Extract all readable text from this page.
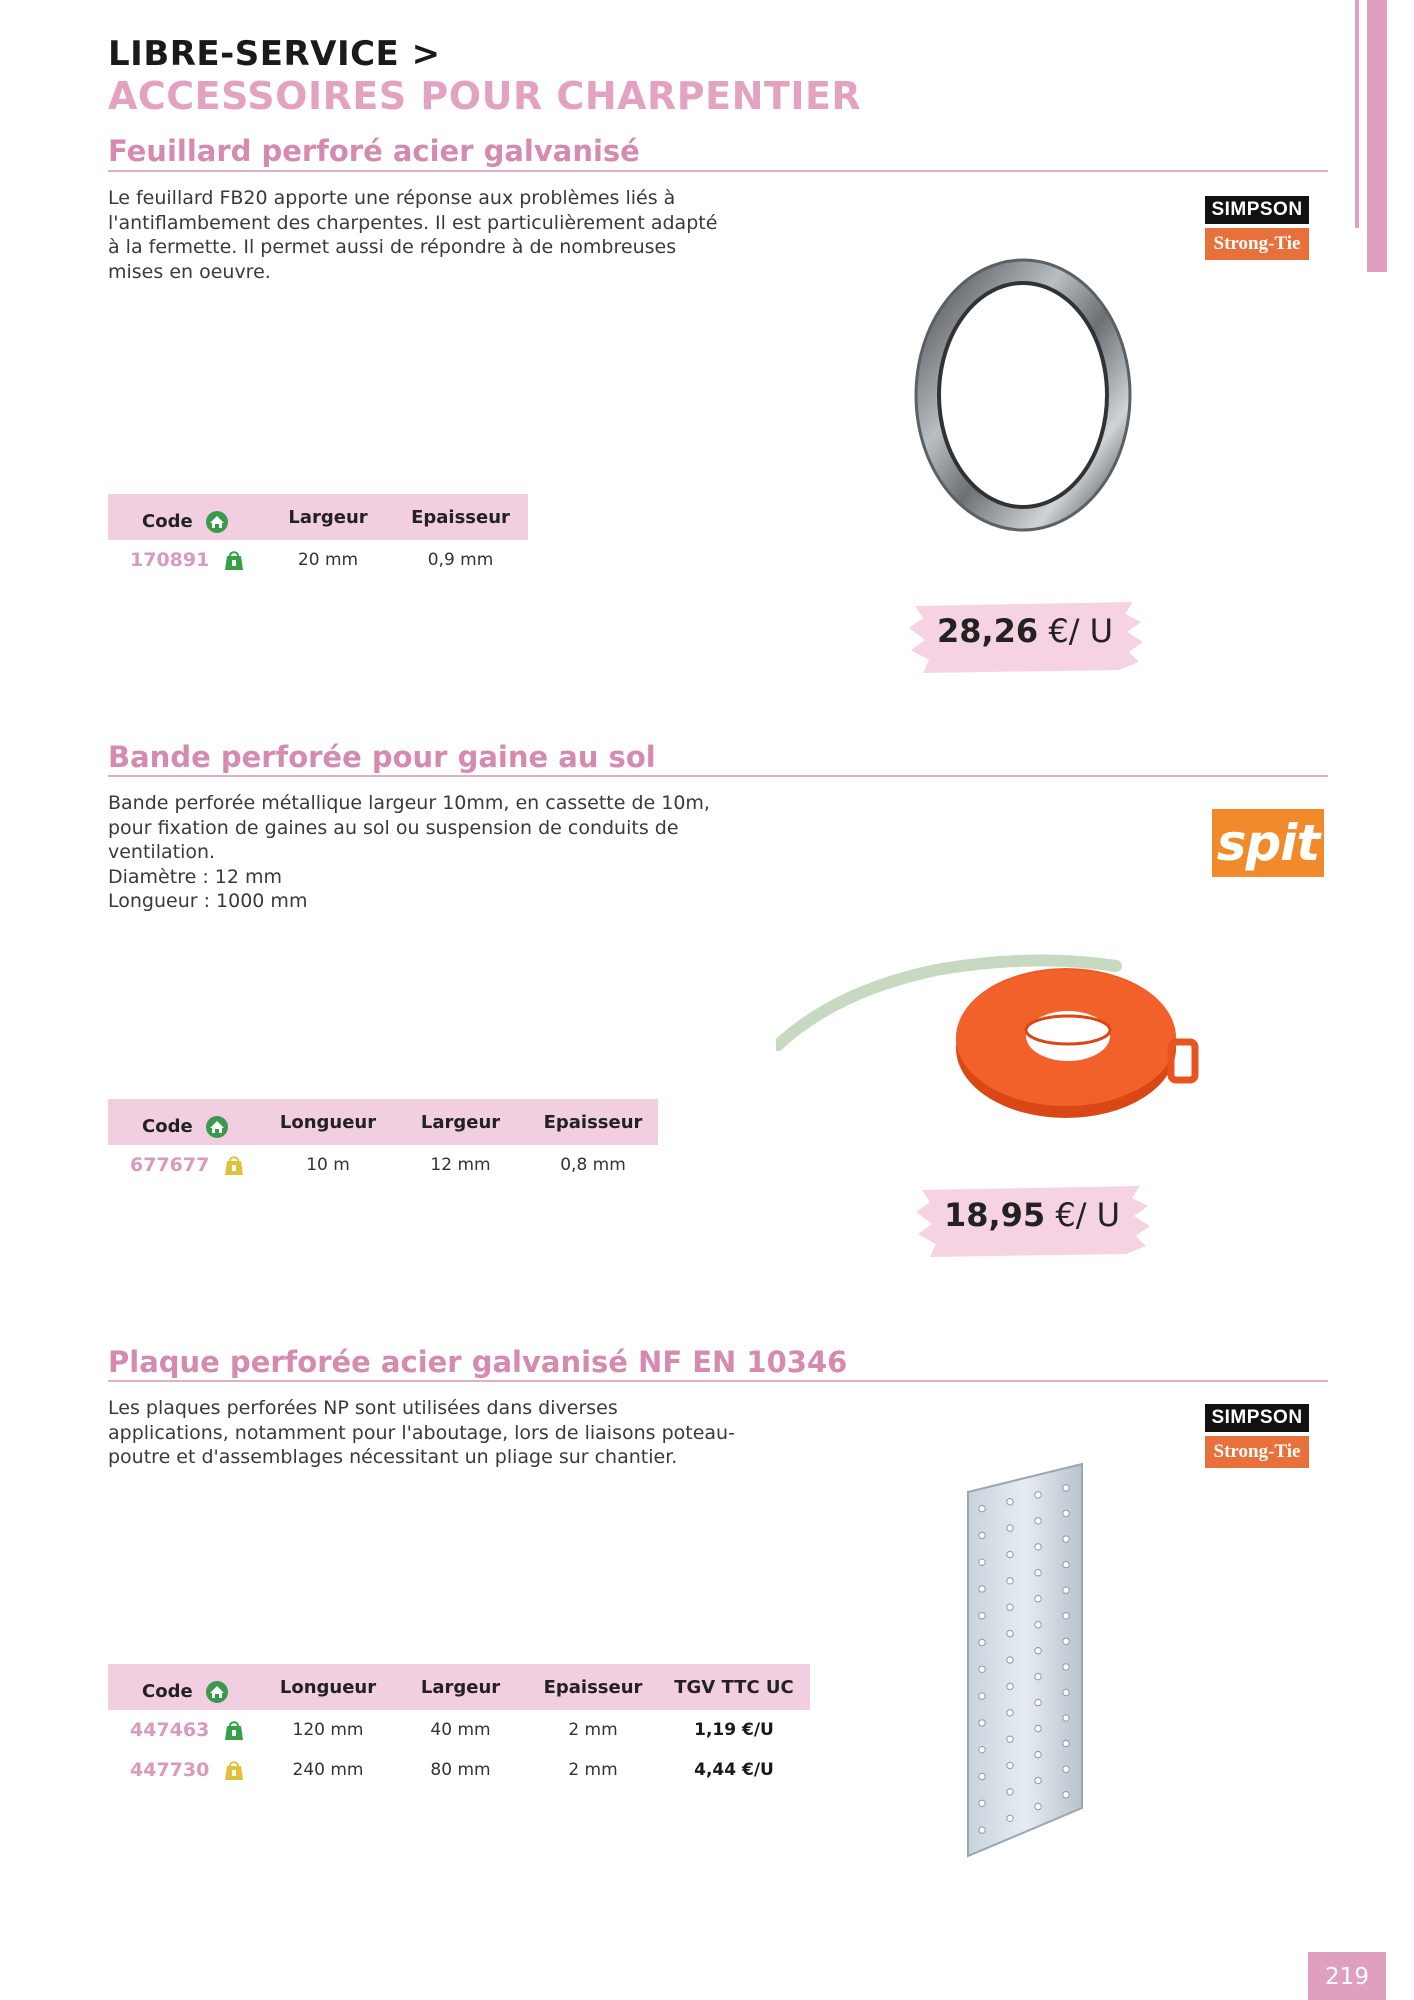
LIBRE-SERVICE >
ACCESSOIRES POUR CHARPENTIER
Feuillard perforé acier galvanisé
Le feuillard FB20 apporte une réponse aux problèmes liés à
l'antiflambement des charpentes. Il est particulièrement adapté
à la fermette. Il permet aussi de répondre à de nombreuses
mises en oeuvre.
SIMPSON
Strong-Tie
Code	Largeur	Epaisseur
170891	20 mm	0,9 mm
28,26 €/ U
Bande perforée pour gaine au sol
Bande perforée métallique largeur 10mm, en cassette de 10m,
pour fixation de gaines au sol ou suspension de conduits de
ventilation.
Diamètre : 12 mm
Longueur : 1000 mm
spit
Code	Longueur	Largeur	Epaisseur
677677	10 m	12 mm	0,8 mm
18,95 €/ U
Plaque perforée acier galvanisé NF EN 10346
Les plaques perforées NP sont utilisées dans diverses
applications, notamment pour l'aboutage, lors de liaisons poteau-
poutre et d'assemblages nécessitant un pliage sur chantier.
SIMPSON
Strong-Tie
Code	Longueur	Largeur	Epaisseur	TGV TTC UC
447463	120 mm	40 mm	2 mm	1,19 €/U
447730	240 mm	80 mm	2 mm	4,44 €/U
219
